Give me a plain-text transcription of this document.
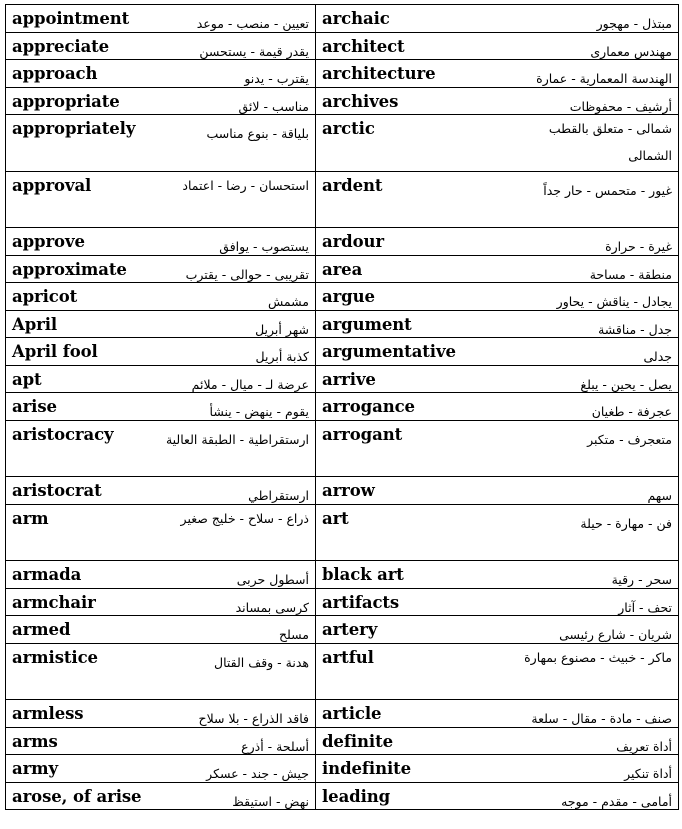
appointment تعيين - منصب - موعد	archaic مبتذل - مهجور

appreciate يقدر قيمة - يستحسن	architect مهندس معمارى

approach يقترب - يدنو	architecture الهندسة المعمارية - عمارة

appropriate مناسب - لائق	archives أرشيف - محفوظات

appropriately بلياقة - بنوع مناسب	arctic شمالى - متعلق بالقطب الشمالى

approval استحسان - رضا - اعتماد	ardent غيور - متحمس - حار جداً

approve يستصوب - يوافق	ardour غيرة - حرارة

approximate تقريبى - حوالى - يقترب	area منطقة - مساحة

apricot مشمش	argue يجادل - يناقش - يحاور

April شهر أبريل	argument جدل - مناقشة

April fool كذبة أبريل	argumentative جدلى

apt عرضة لـ - ميال - ملائم	arrive يصل - يحين - يبلغ

arise يقوم - ينهض - ينشأ	arrogance عجرفة - طغيان

aristocracy ارستقراطية - الطبقة العالية	arrogant متعجرف - متكبر

aristocrat ارستقراطي	arrow سهم

arm ذراع - سلاح - خليج صغير	art فن - مهارة - حيلة

armada أسطول حربى	black art سحر - رقية

armchair كرسى بمساند	artifacts تحف - آثار

armed مسلح	artery شريان - شارع رئيسى

armistice هدنة - وقف القتال	artful ماكر - خبيث - مصنوع بمهارة

armless فاقد الذراع - بلا سلاح	article صنف - مادة - مقال - سلعة

arms أسلحة - أذرع	definite أداة تعريف

army جيش - جند - عسكر	indefinite أداة تنكير

arose, of arise نهض - استيقظ	leading أمامى - مقدم - موجه
